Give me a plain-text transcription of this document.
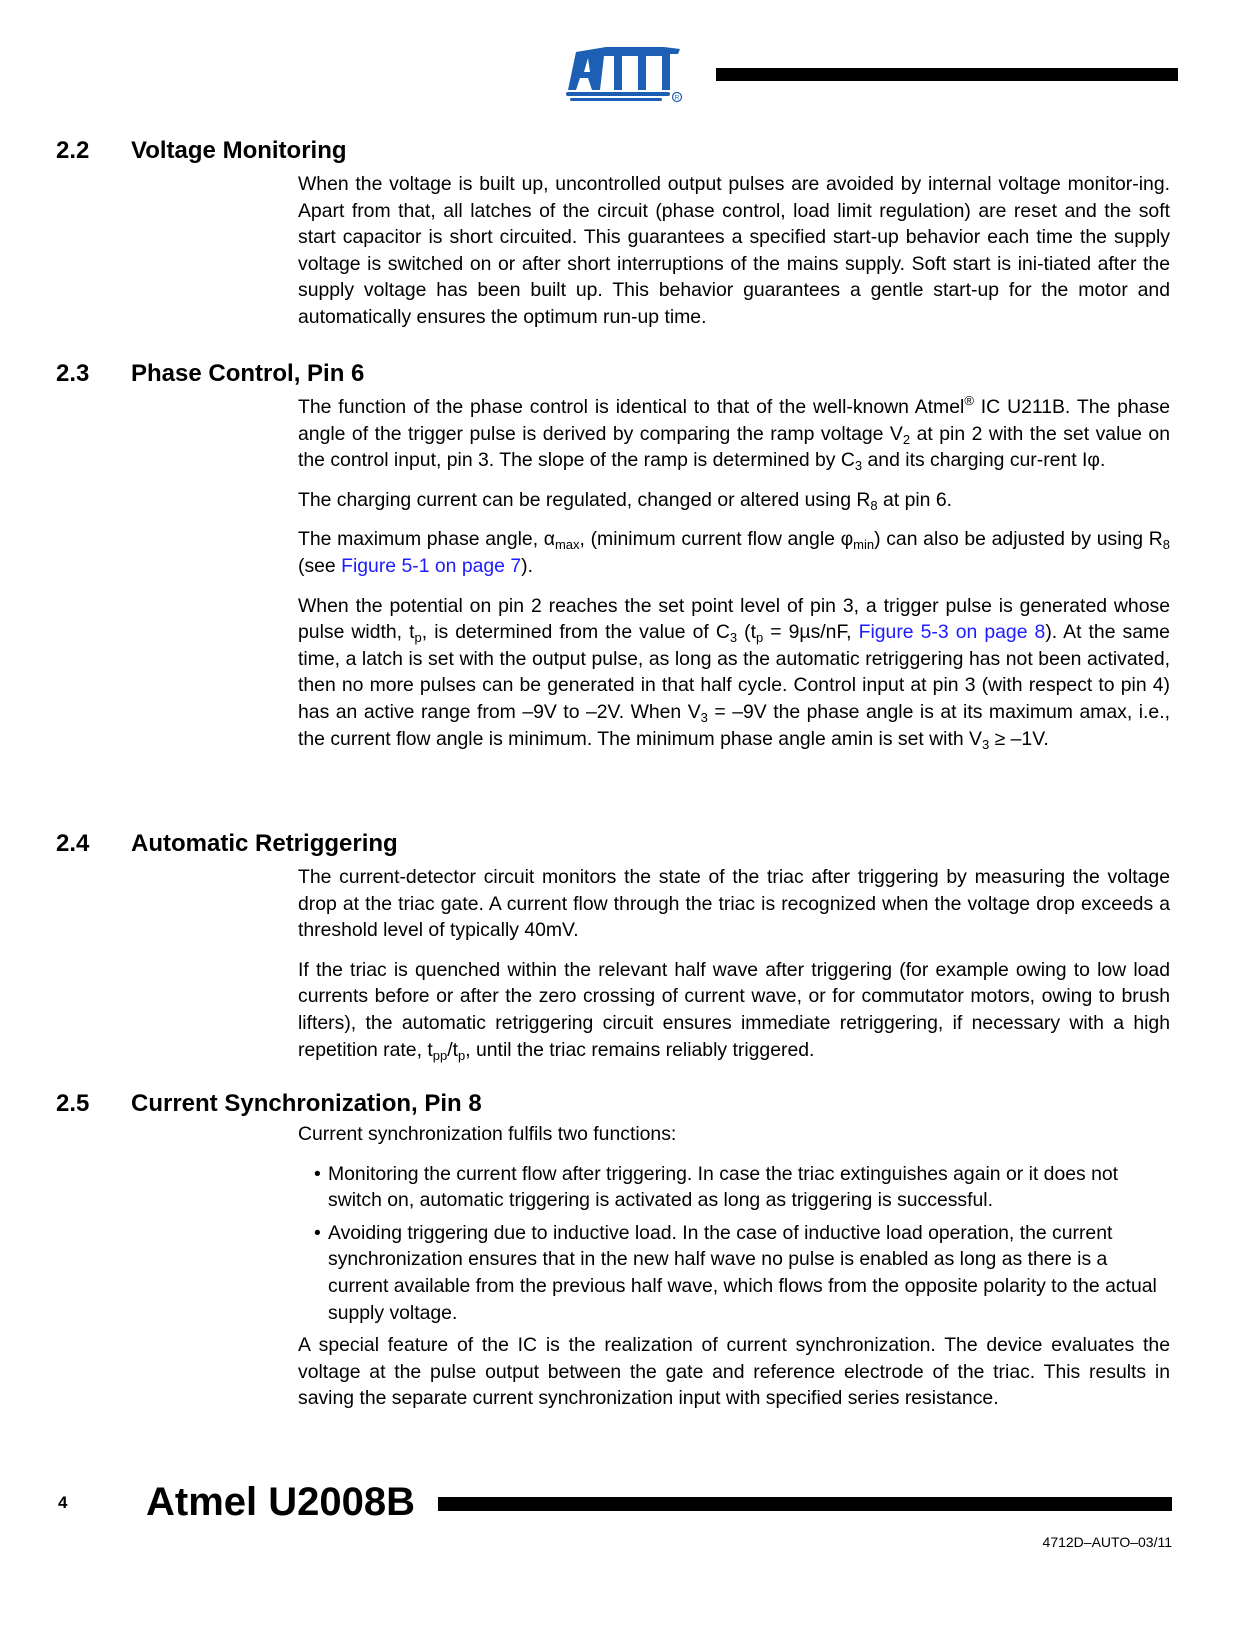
R
2.2 Voltage Monitoring

When the voltage is built up, uncontrolled output pulses are avoided by internal voltage monitor-ing. Apart from that, all latches of the circuit (phase control, load limit regulation) are reset and the soft start capacitor is short circuited. This guarantees a specified start-up behavior each time the supply voltage is switched on or after short interruptions of the mains supply. Soft start is ini-tiated after the supply voltage has been built up. This behavior guarantees a gentle start-up for the motor and automatically ensures the optimum run-up time.

2.3 Phase Control, Pin 6

The function of the phase control is identical to that of the well-known Atmel® IC U211B. The phase angle of the trigger pulse is derived by comparing the ramp voltage $V_2$ at pin 2 with the set value on the control input, pin 3. The slope of the ramp is determined by $C_3$ and its charging cur-rent Iφ.

The charging current can be regulated, changed or altered using $R_8$ at pin 6.

The maximum phase angle, $\alpha_{max}$, (minimum current flow angle $\varphi_{min}$) can also be adjusted by using $R_8$ (see Figure 5-1 on page 7).

When the potential on pin 2 reaches the set point level of pin 3, a trigger pulse is generated whose pulse width, $t_p$, is determined from the value of $C_3$ ($t_p = 9\mu s/nF$, Figure 5-3 on page 8). At the same time, a latch is set with the output pulse, as long as the automatic retriggering has not been activated, then no more pulses can be generated in that half cycle. Control input at pin 3 (with respect to pin 4) has an active range from –9V to –2V. When $V_3 = -9V$ the phase angle is at its maximum amax, i.e., the current flow angle is minimum. The minimum phase angle amin is set with $V_3 \ge -1V$.

2.4 Automatic Retriggering

The current-detector circuit monitors the state of the triac after triggering by measuring the voltage drop at the triac gate. A current flow through the triac is recognized when the voltage drop exceeds a threshold level of typically 40mV.

If the triac is quenched within the relevant half wave after triggering (for example owing to low load currents before or after the zero crossing of current wave, or for commutator motors, owing to brush lifters), the automatic retriggering circuit ensures immediate retriggering, if necessary with a high repetition rate, $t_{pp}/t_p$, until the triac remains reliably triggered.

2.5 Current Synchronization, Pin 8

Current synchronization fulfils two functions:

• Monitoring the current flow after triggering. In case the triac extinguishes again or it does not switch on, automatic triggering is activated as long as triggering is successful.
• Avoiding triggering due to inductive load. In the case of inductive load operation, the current synchronization ensures that in the new half wave no pulse is enabled as long as there is a current available from the previous half wave, which flows from the opposite polarity to the actual supply voltage.

A special feature of the IC is the realization of current synchronization. The device evaluates the voltage at the pulse output between the gate and reference electrode of the triac. This results in saving the separate current synchronization input with specified series resistance.

4 Atmel U2008B
4712D–AUTO–03/11
